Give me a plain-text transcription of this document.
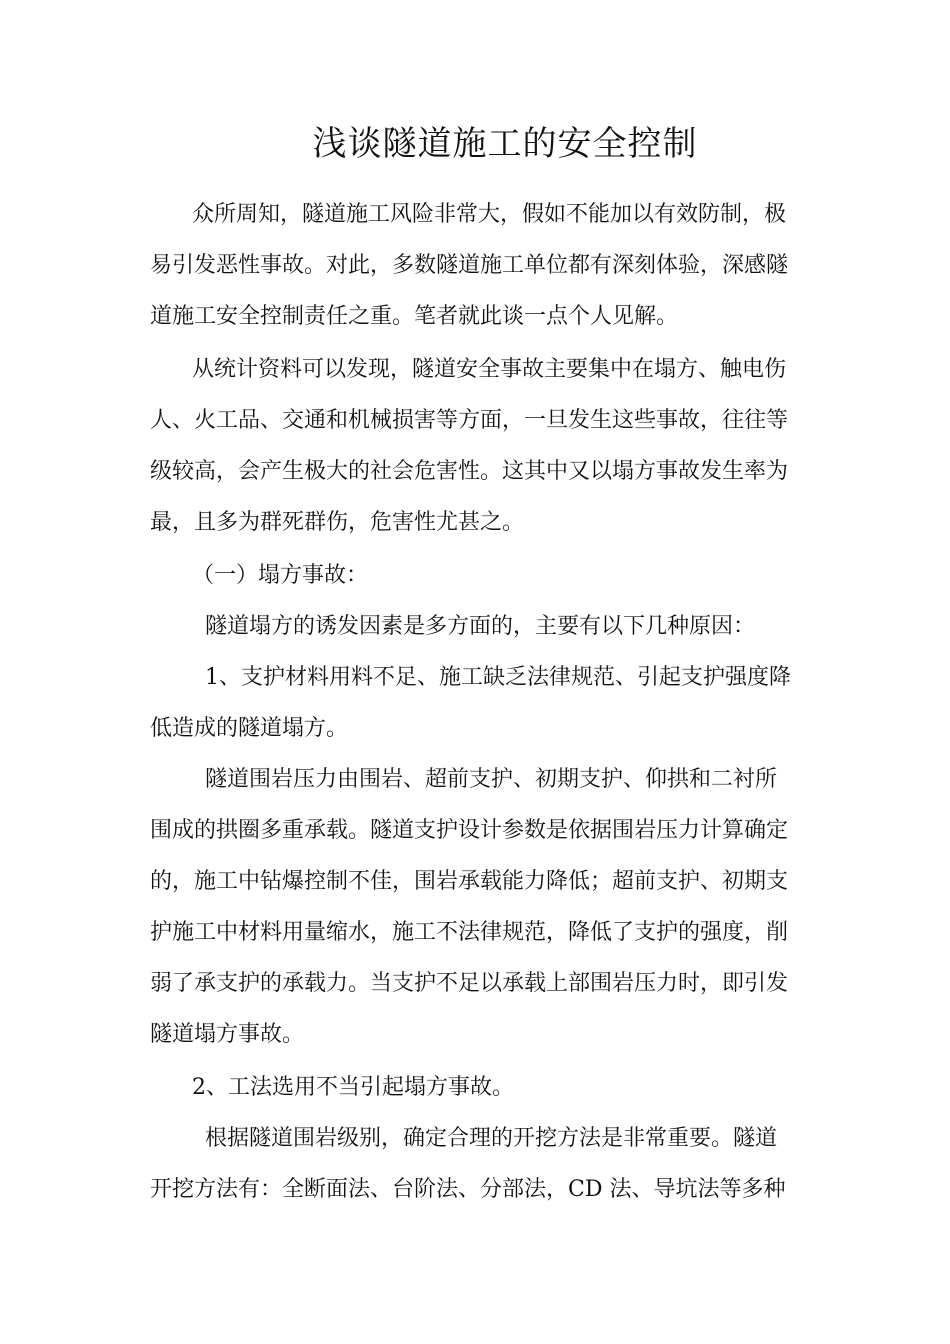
浅谈隧道施工的安全控制
众所周知，隧道施工风险非常大，假如不能加以有效防制，极
易引发恶性事故。对此，多数隧道施工单位都有深刻体验，深感隧
道施工安全控制责任之重。笔者就此谈一点个人见解。
从统计资料可以发现，隧道安全事故主要集中在塌方、触电伤
人、火工品、交通和机械损害等方面，一旦发生这些事故，往往等
级较高，会产生极大的社会危害性。这其中又以塌方事故发生率为
最，且多为群死群伤，危害性尤甚之。
（一）塌方事故：
隧道塌方的诱发因素是多方面的，主要有以下几种原因：
1、支护材料用料不足、施工缺乏法律规范、引起支护强度降
低造成的隧道塌方。
隧道围岩压力由围岩、超前支护、初期支护、仰拱和二衬所
围成的拱圈多重承载。隧道支护设计参数是依据围岩压力计算确定
的，施工中钻爆控制不佳，围岩承载能力降低；超前支护、初期支
护施工中材料用量缩水，施工不法律规范，降低了支护的强度，削
弱了承支护的承载力。当支护不足以承载上部围岩压力时，即引发
隧道塌方事故。
2、工法选用不当引起塌方事故。
根据隧道围岩级别，确定合理的开挖方法是非常重要。隧道
开挖方法有：全断面法、台阶法、分部法，CD 法、导坑法等多种
